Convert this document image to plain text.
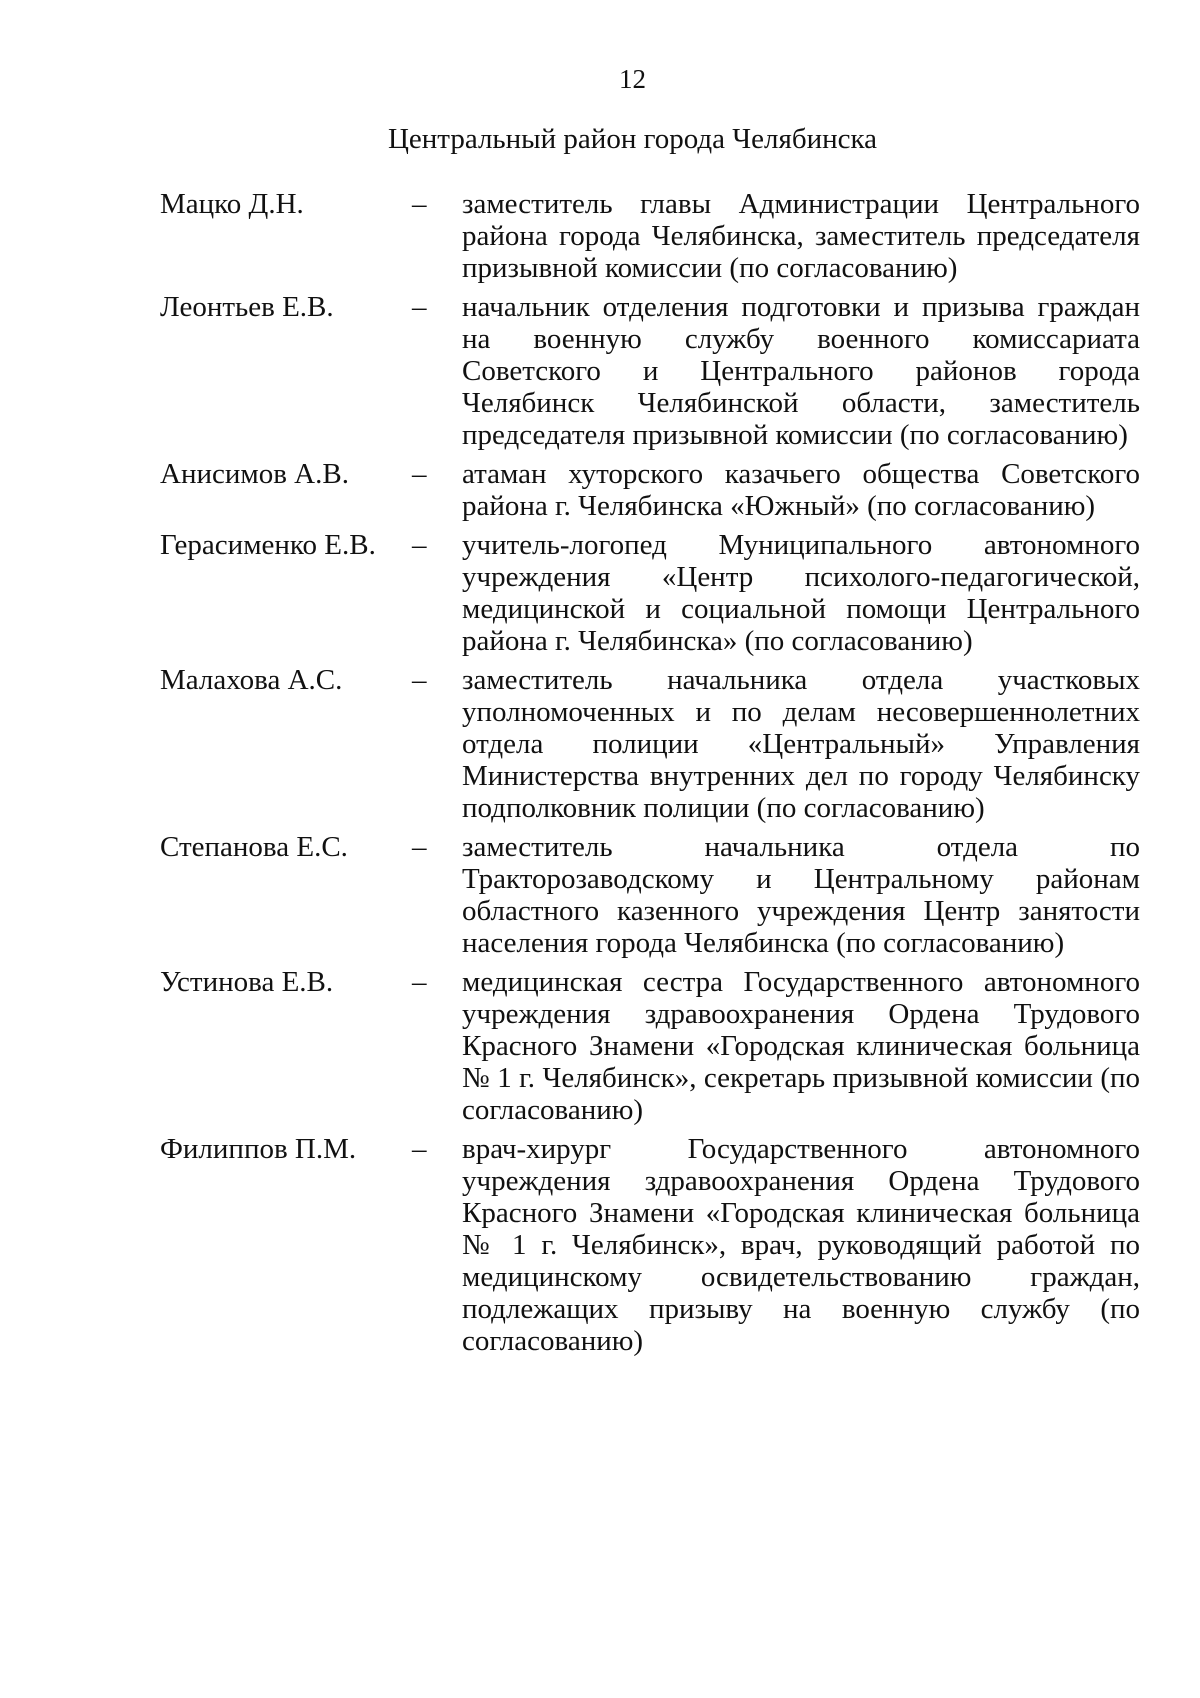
12
Центральный район города Челябинска
Мацко Д.Н.	–	заместитель главы Администрации Центрального района города Челябинска, заместитель председателя призывной комиссии (по согласованию)
Леонтьев Е.В.	–	начальник отделения подготовки и призыва граждан на военную службу военного комиссариата Советского и Центрального районов города Челябинск Челябинской области, заместитель председателя призывной комиссии (по согласованию)
Анисимов А.В.	–	атаман хуторского казачьего общества Советского района г. Челябинска «Южный» (по согласованию)
Герасименко Е.В.	–	учитель-логопед Муниципального автономного учреждения «Центр психолого-педагогической, медицинской и социальной помощи Центрального района г. Челябинска» (по согласованию)
Малахова А.С.	–	заместитель начальника отдела участковых уполномоченных и по делам несовершеннолетних отдела полиции «Центральный» Управления Министерства внутренних дел по городу Челябинску подполковник полиции (по согласованию)
Степанова Е.С.	–	заместитель начальника отдела по Тракторозаводскому и Центральному районам областного казенного учреждения Центр занятости населения города Челябинска (по согласованию)
Устинова Е.В.	–	медицинская сестра Государственного автономного учреждения здравоохранения Ордена Трудового Красного Знамени «Городская клиническая больница № 1 г. Челябинск», секретарь призывной комиссии (по согласованию)
Филиппов П.М.	–	врач-хирург Государственного автономного учреждения здравоохранения Ордена Трудового Красного Знамени «Городская клиническая больница № 1 г. Челябинск», врач, руководящий работой по медицинскому освидетельствованию граждан, подлежащих призыву на военную службу (по согласованию)
